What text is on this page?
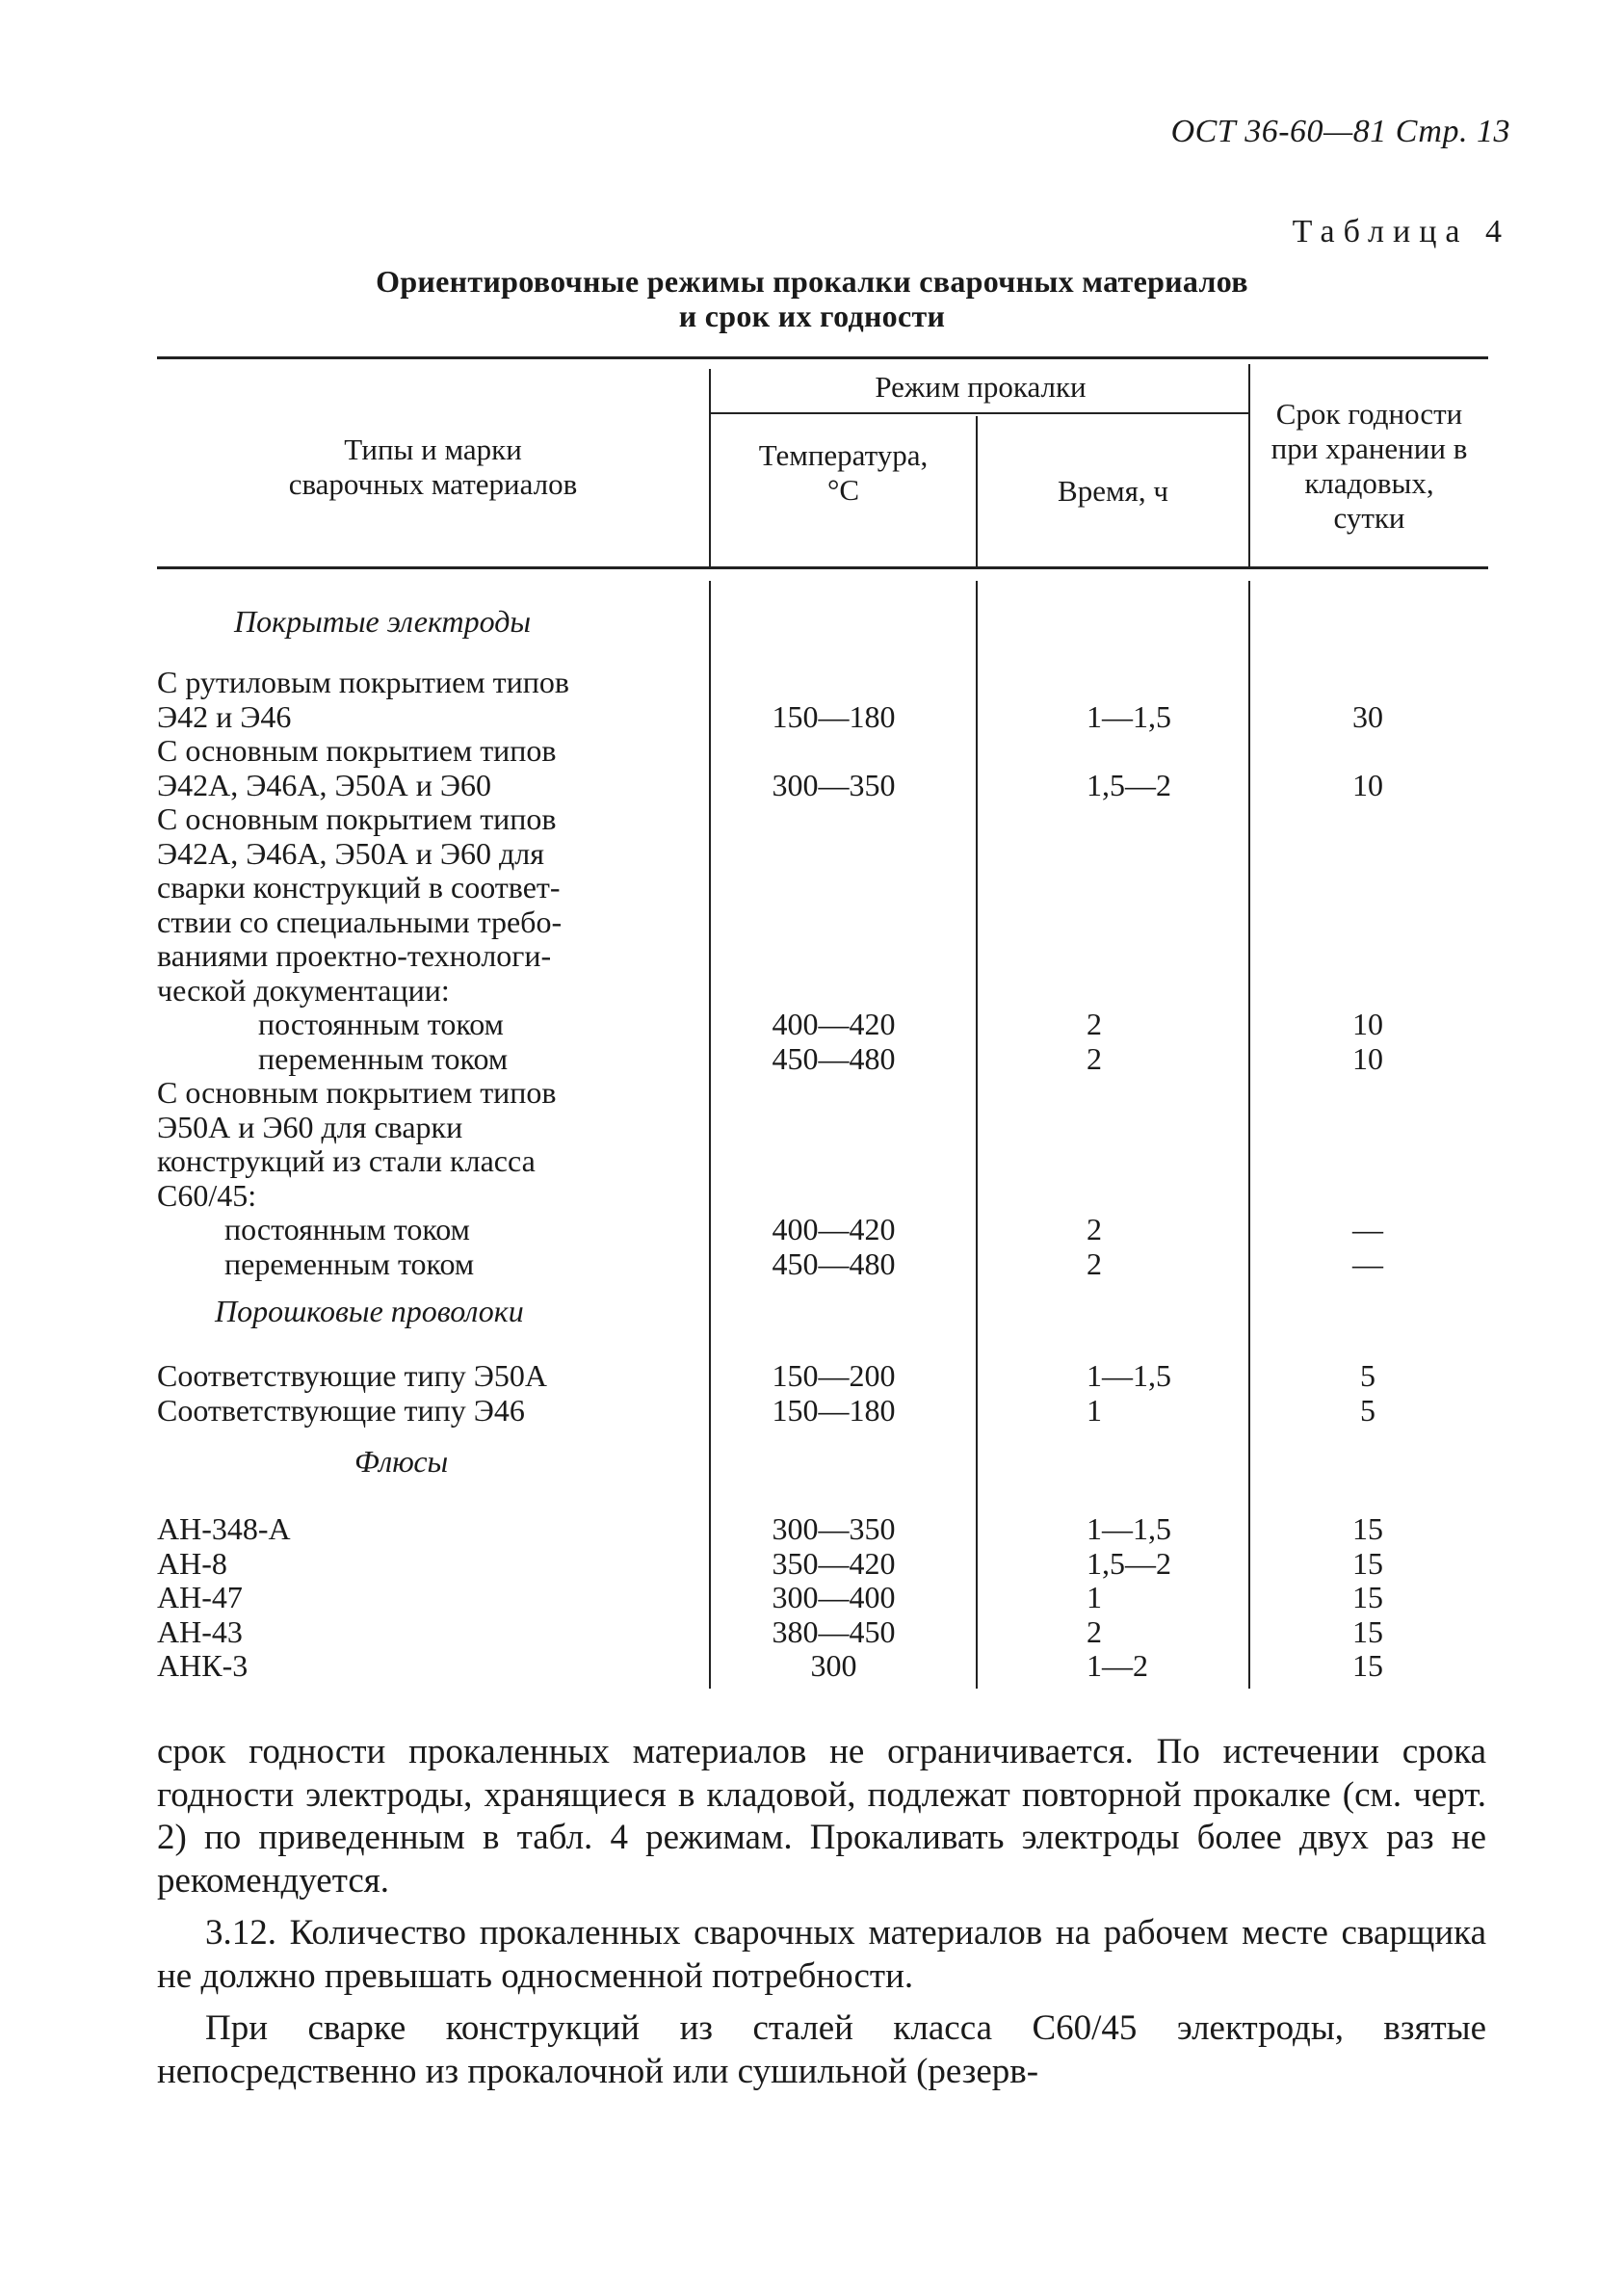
ОСТ 36-60—81 Стр. 13
Таблица 4
Ориентировочные режимы прокалки сварочных материалов
и срок их годности
Типы и марки
сварочных материалов
Режим прокалки
Температура,
°С	Время, ч
Срок годности
при хранении в
кладовых,
сутки
Покрытые электроды
С рутиловым покрытием типов
Э42 и Э46	150—180	1—1,5	30
С основным покрытием типов
Э42А, Э46А, Э50А и Э60	300—350	1,5—2	10
С основным покрытием типов
Э42А, Э46А, Э50А и Э60 для
сварки конструкций в соответ-
ствии со специальными требо-
ваниями проектно-технологи-
ческой документации:
постоянным током	400—420	2	10
переменным током	450—480	2	10
С основным покрытием типов
Э50А и Э60 для сварки
конструкций из стали класса
С60/45:
постоянным током	400—420	2	—
переменным током	450—480	2	—
Порошковые проволоки
Соответствующие типу Э50А	150—200	1—1,5	5
Соответствующие типу Э46	150—180	1	5
Флюсы
АН-348-А	300—350	1—1,5	15
АН-8	350—420	1,5—2	15
АН-47	300—400	1	15
АН-43	380—450	2	15
АНК-3	300	1—2	15

срок годности прокаленных материалов не ограничивается. По истечении срока годности электроды, хранящиеся в кладовой, подлежат повторной прокалке (см. черт. 2) по приведенным в табл. 4 режимам. Прокаливать электроды более двух раз не рекомендуется.

3.12. Количество прокаленных сварочных материалов на рабочем месте сварщика не должно превышать односменной потребности.

При сварке конструкций из сталей класса С60/45 электроды, взятые непосредственно из прокалочной или сушильной (резерв-
